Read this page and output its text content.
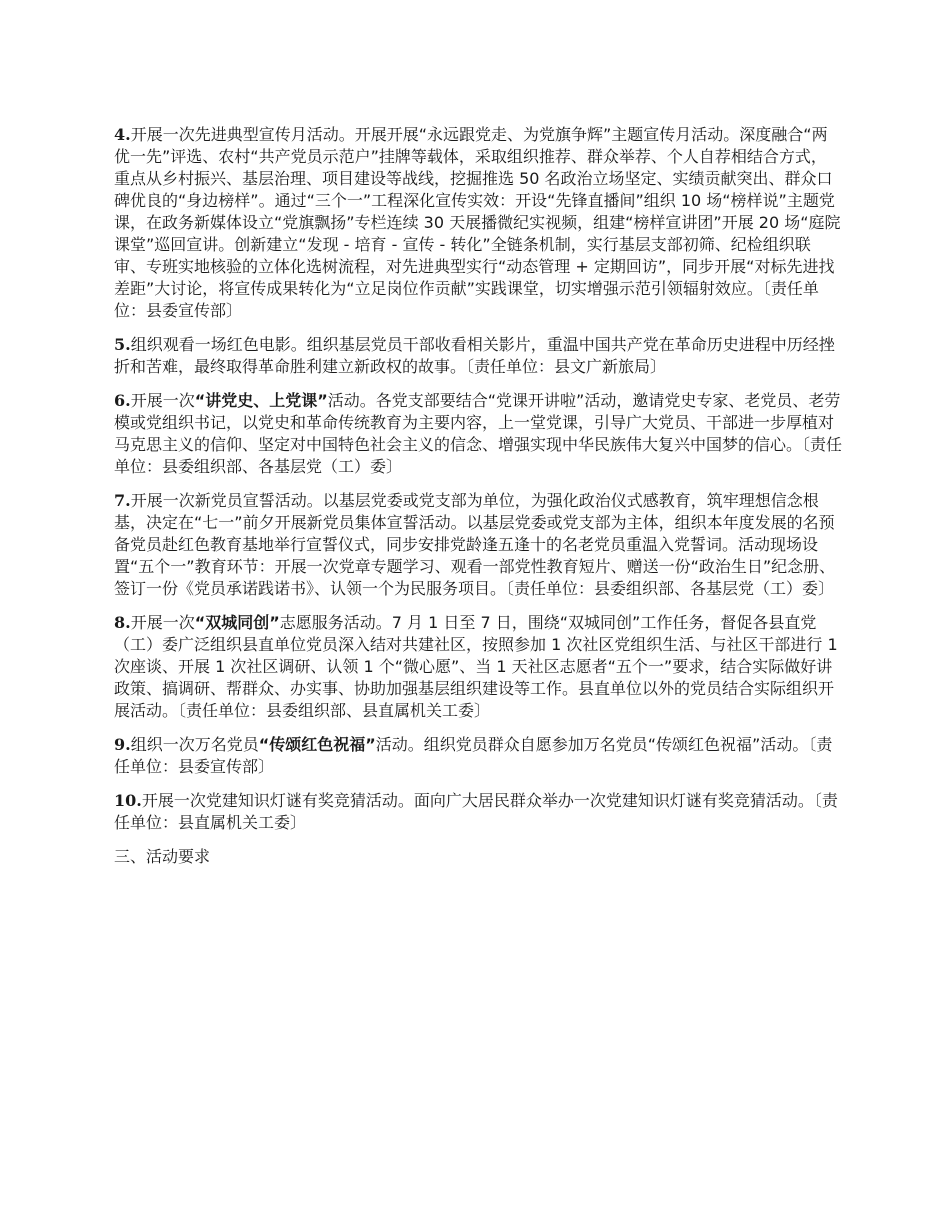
4.开展一次先进典型宣传月活动。开展开展“永远跟党走、为党旗争辉”主题宣传月活动。深度融合“两优一先”评选、农村“共产党员示范户”挂牌等载体，采取组织推荐、群众举荐、个人自荐相结合方式，重点从乡村振兴、基层治理、项目建设等战线，挖掘推选 50 名政治立场坚定、实绩贡献突出、群众口碑优良的“身边榜样”。通过“三个一”工程深化宣传实效：开设“先锋直播间”组织 10 场“榜样说”主题党课，在政务新媒体设立“党旗飘扬”专栏连续 30 天展播微纪实视频，组建“榜样宣讲团”开展 20 场“庭院课堂”巡回宣讲。创新建立“发现 - 培育 - 宣传 - 转化”全链条机制，实行基层支部初筛、纪检组织联审、专班实地核验的立体化选树流程，对先进典型实行“动态管理 + 定期回访”，同步开展“对标先进找差距”大讨论，将宣传成果转化为“立足岗位作贡献”实践课堂，切实增强示范引领辐射效应。〔责任单位：县委宣传部〕

5.组织观看一场红色电影。组织基层党员干部收看相关影片，重温中国共产党在革命历史进程中历经挫折和苦难，最终取得革命胜利建立新政权的故事。〔责任单位：县文广新旅局〕

6.开展一次“讲党史、上党课”活动。各党支部要结合“党课开讲啦”活动，邀请党史专家、老党员、老劳模或党组织书记，以党史和革命传统教育为主要内容，上一堂党课，引导广大党员、干部进一步厚植对马克思主义的信仰、坚定对中国特色社会主义的信念、增强实现中华民族伟大复兴中国梦的信心。〔责任单位：县委组织部、各基层党（工）委〕

7.开展一次新党员宣誓活动。以基层党委或党支部为单位，为强化政治仪式感教育，筑牢理想信念根基，决定在“七一”前夕开展新党员集体宣誓活动。以基层党委或党支部为主体，组织本年度发展的名预备党员赴红色教育基地举行宣誓仪式，同步安排党龄逢五逢十的名老党员重温入党誓词。活动现场设置“五个一”教育环节：开展一次党章专题学习、观看一部党性教育短片、赠送一份“政治生日”纪念册、签订一份《党员承诺践诺书》、认领一个为民服务项目。〔责任单位：县委组织部、各基层党（工）委〕

8.开展一次“双城同创”志愿服务活动。7 月 1 日至 7 日，围绕“双城同创”工作任务，督促各县直党（工）委广泛组织县直单位党员深入结对共建社区，按照参加 1 次社区党组织生活、与社区干部进行 1 次座谈、开展 1 次社区调研、认领 1 个“微心愿”、当 1 天社区志愿者“五个一”要求，结合实际做好讲政策、搞调研、帮群众、办实事、协助加强基层组织建设等工作。县直单位以外的党员结合实际组织开展活动。〔责任单位：县委组织部、县直属机关工委〕

9.组织一次万名党员“传颂红色祝福”活动。组织党员群众自愿参加万名党员“传颂红色祝福”活动。〔责任单位：县委宣传部〕

10.开展一次党建知识灯谜有奖竞猜活动。面向广大居民群众举办一次党建知识灯谜有奖竞猜活动。〔责任单位：县直属机关工委〕

三、活动要求
